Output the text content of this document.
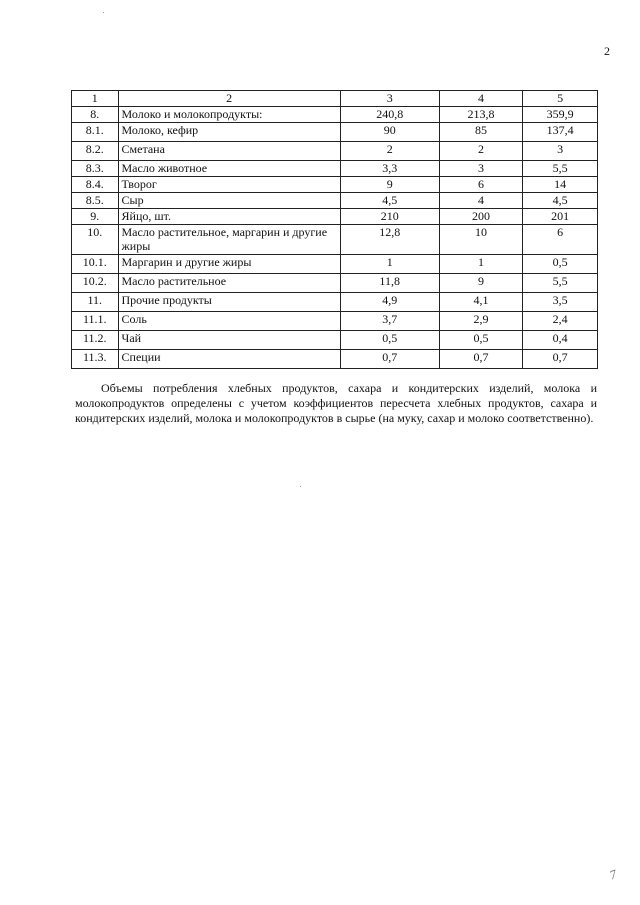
2
1	2	3	4	5
8.	Молоко и молокопродукты:	240,8	213,8	359,9
8.1.	Молоко, кефир	90	85	137,4
8.2.	Сметана	2	2	3
8.3.	Масло животное	3,3	3	5,5
8.4.	Творог	9	6	14
8.5.	Сыр	4,5	4	4,5
9.	Яйцо, шт.	210	200	201
10.	Масло растительное, маргарин и другие жиры	12,8	10	6
10.1.	Маргарин и другие жиры	1	1	0,5
10.2.	Масло растительное	11,8	9	5,5
11.	Прочие продукты	4,9	4,1	3,5
11.1.	Соль	3,7	2,9	2,4
11.2.	Чай	0,5	0,5	0,4
11.3.	Специи	0,7	0,7	0,7

Объемы потребления хлебных продуктов, сахара и кондитерских изделий, молока и молокопродуктов определены с учетом коэффициентов пересчета хлебных продуктов, сахара и кондитерских изделий, молока и молокопродуктов в сырье (на муку, сахар и молоко соответственно).

7
